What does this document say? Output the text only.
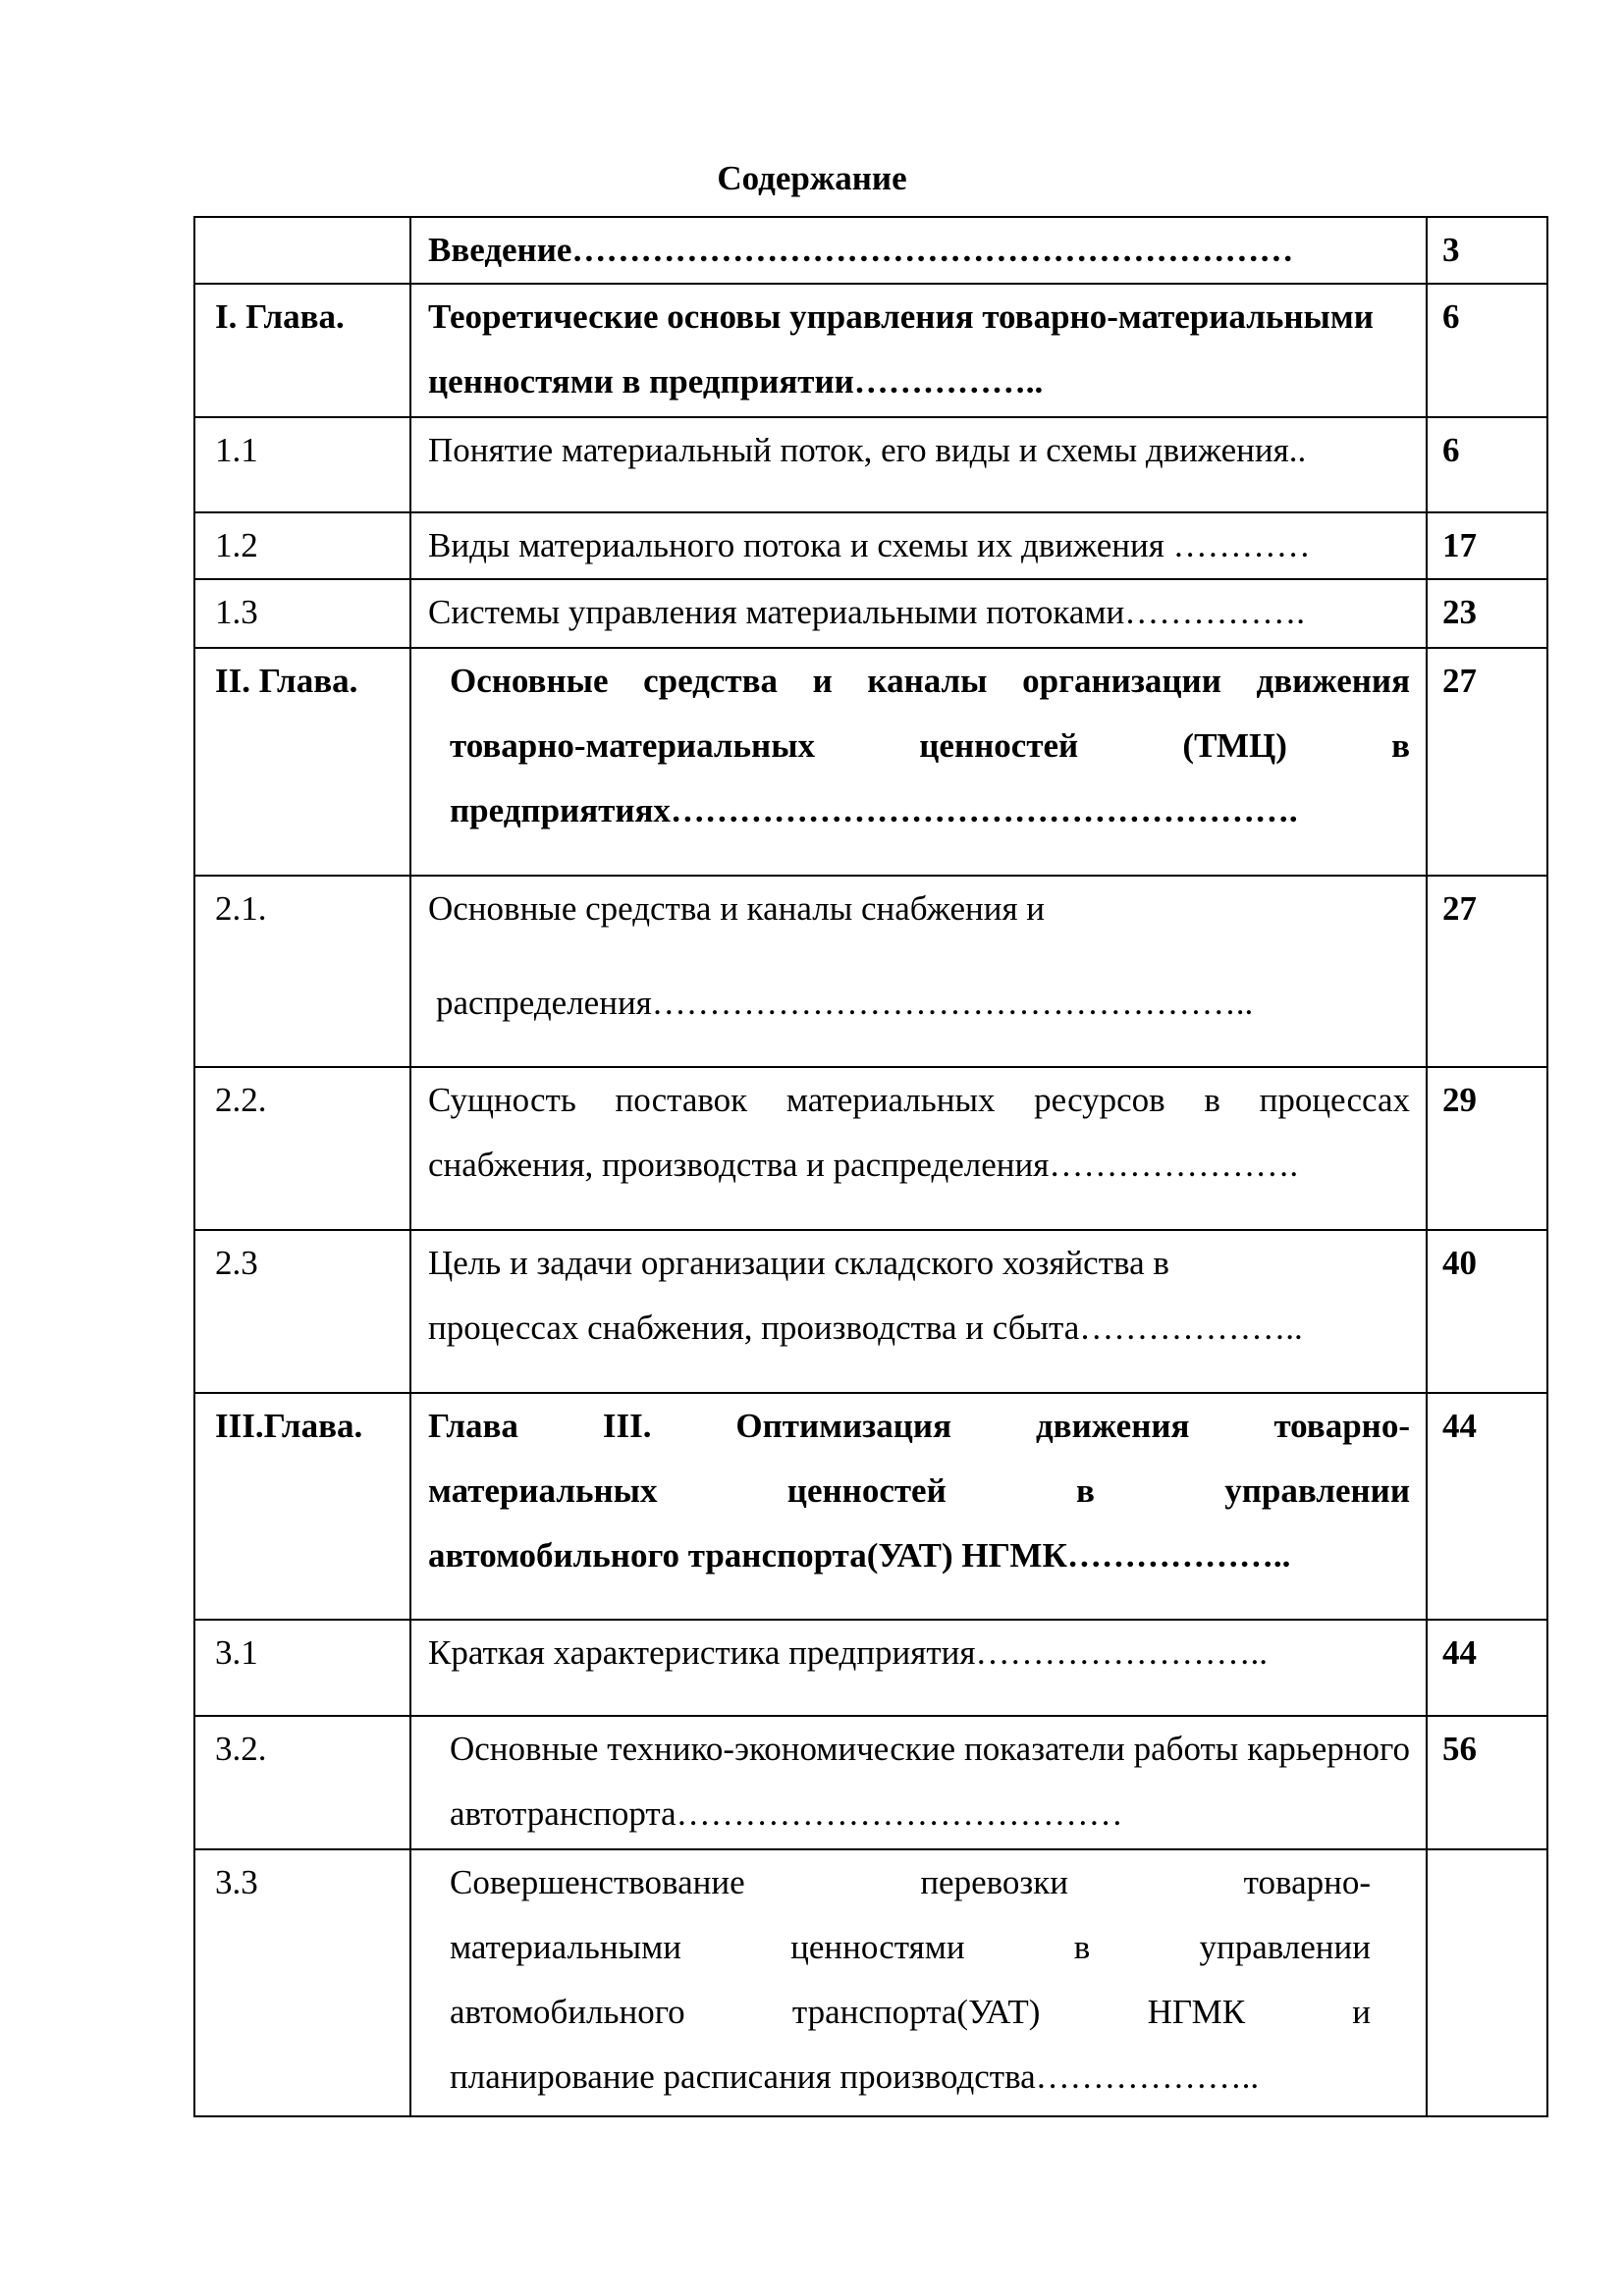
Содержание
	Введение………………………………………………………	3
I. Глава.	Теоретические основы управления товарно-материальными ценностями в предприятии……………..	6
1.1	Понятие материальный поток, его виды и схемы движения..	6
1.2	Виды материального потока и схемы их движения …………	17
1.3	Системы управления материальными потоками…………….	23
II. Глава.	Основные средства и каналы организации движения
товарно-материальных ценностей (ТМЦ) в
предприятиях……………………………………………….	27
2.1.	Основные средства и каналы снабжения и
распределения……………………………………………..	27
2.2.	Сущность поставок материальных ресурсов в процессах снабжения, производства и распределения………………….	29
2.3	Цель и задачи организации складского хозяйства в
процессах снабжения, производства и сбыта………………..	40
III.Глава.	Глава III. Оптимизация движения товарно-
материальных ценностей в управлении
автомобильного транспорта(УАТ) НГМК………………..	44
3.1	Краткая характеристика предприятия……………………..	44
3.2.	Основные технико-экономические показатели работы карьерного автотранспорта…………………………………	56
3.3	Совершенствование перевозки товарно-
материальными ценностями в управлении
автомобильного транспорта(УАТ) НГМК и
планирование расписания производства………………..	
